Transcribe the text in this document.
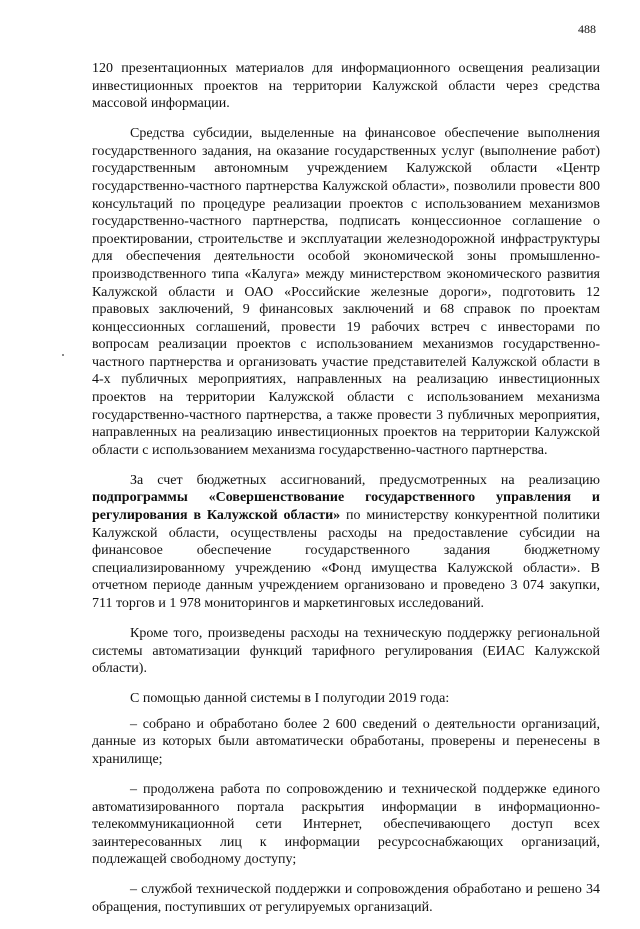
488

120 презентационных материалов для информационного освещения реализации инвестиционных проектов на территории Калужской области через средства массовой информации.

Средства субсидии, выделенные на финансовое обеспечение выполнения государственного задания, на оказание государственных услуг (выполнение работ) государственным автономным учреждением Калужской области «Центр государственно-частного партнерства Калужской области», позволили провести 800 консультаций по процедуре реализации проектов с использованием механизмов государственно-частного партнерства, подписать концессионное соглашение о проектировании, строительстве и эксплуатации железнодорожной инфраструктуры для обеспечения деятельности особой экономической зоны промышленно-производственного типа «Калуга» между министерством экономического развития Калужской области и ОАО «Российские железные дороги», подготовить 12 правовых заключений, 9 финансовых заключений и 68 справок по проектам концессионных соглашений, провести 19 рабочих встреч с инвесторами по вопросам реализации проектов с использованием механизмов государственно-частного партнерства и организовать участие представителей Калужской области в 4-х публичных мероприятиях, направленных на реализацию инвестиционных проектов на территории Калужской области с использованием механизма государственно-частного партнерства, а также провести 3 публичных мероприятия, направленных на реализацию инвестиционных проектов на территории Калужской области с использованием механизма государственно-частного партнерства.

За счет бюджетных ассигнований, предусмотренных на реализацию подпрограммы «Совершенствование государственного управления и регулирования в Калужской области» по министерству конкурентной политики Калужской области, осуществлены расходы на предоставление субсидии на финансовое обеспечение государственного задания бюджетному специализированному учреждению «Фонд имущества Калужской области». В отчетном периоде данным учреждением организовано и проведено 3 074 закупки, 711 торгов и 1 978 мониторингов и маркетинговых исследований.

Кроме того, произведены расходы на техническую поддержку региональной системы автоматизации функций тарифного регулирования (ЕИАС Калужской области).

С помощью данной системы в I полугодии 2019 года:

– собрано и обработано более 2 600 сведений о деятельности организаций, данные из которых были автоматически обработаны, проверены и перенесены в хранилище;

– продолжена работа по сопровождению и технической поддержке единого автоматизированного портала раскрытия информации в информационно-телекоммуникационной сети Интернет, обеспечивающего доступ всех заинтересованных лиц к информации ресурсоснабжающих организаций, подлежащей свободному доступу;

– службой технической поддержки и сопровождения обработано и решено 34 обращения, поступивших от регулируемых организаций.
